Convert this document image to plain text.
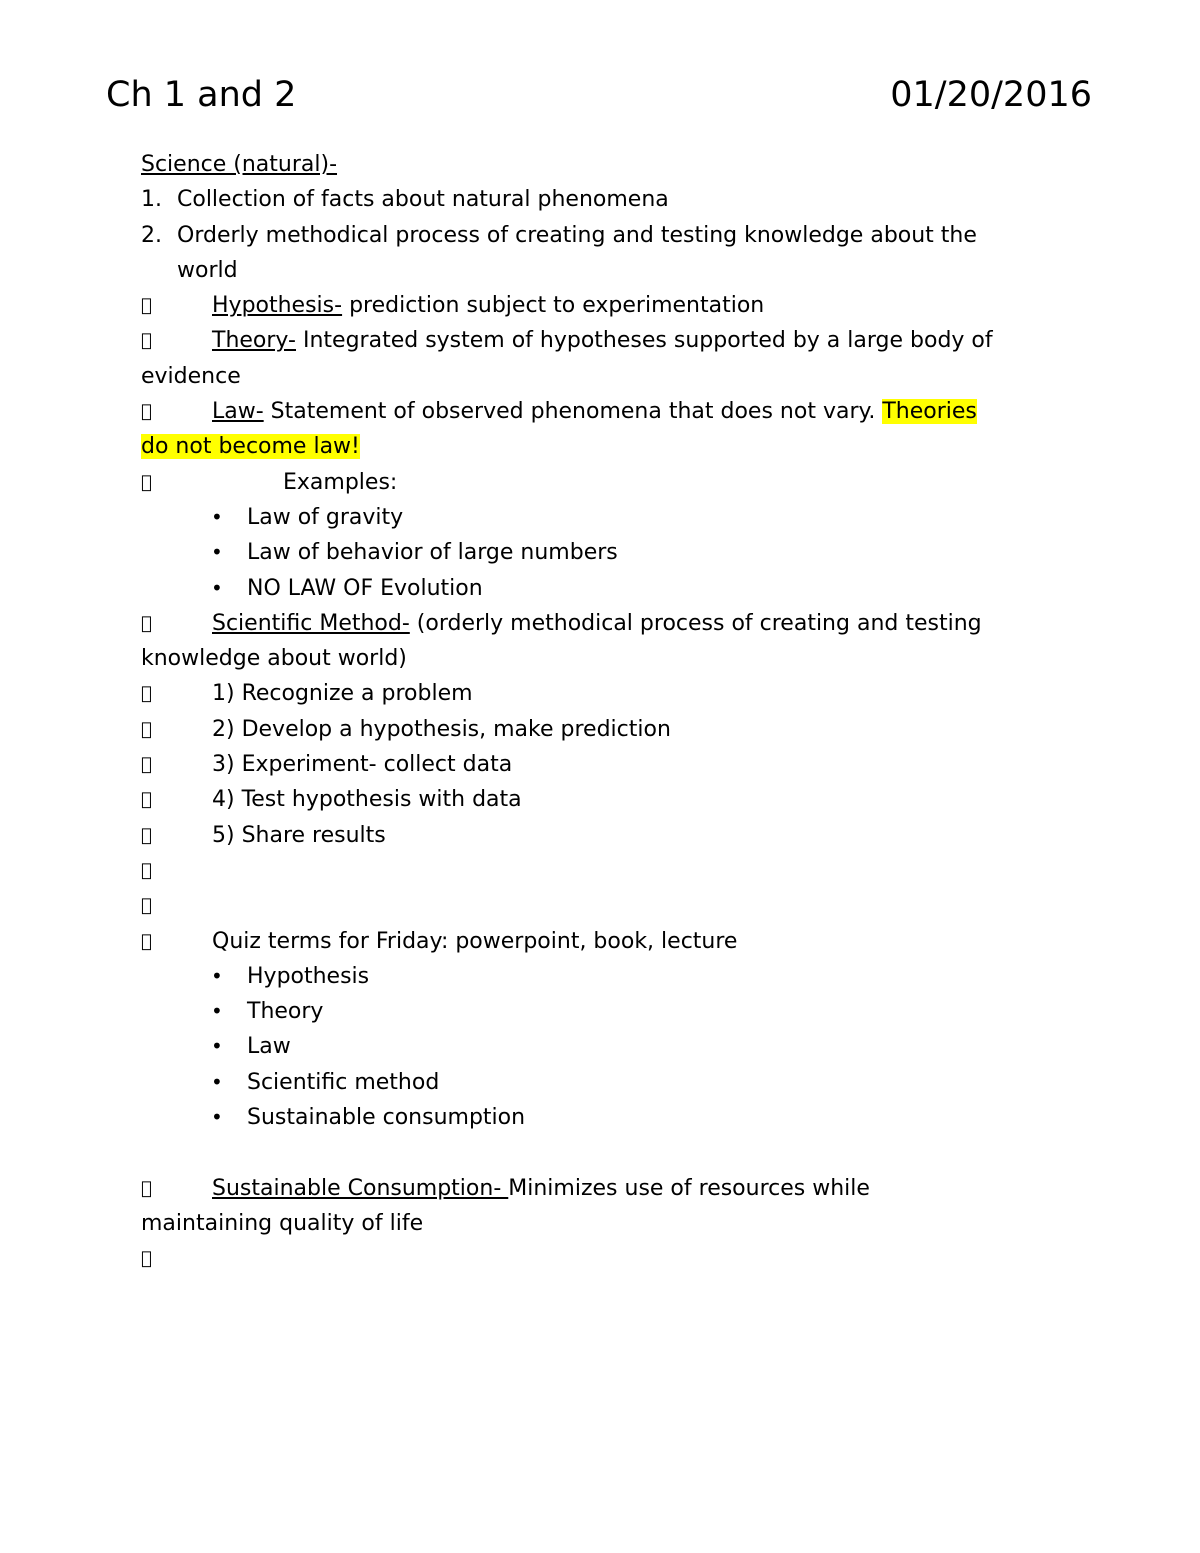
Ch 1 and 2	01/20/2016
Science (natural)-
1. Collection of facts about natural phenomena
2. Orderly methodical process of creating and testing knowledge about the
world
Hypothesis- prediction subject to experimentation
Theory- Integrated system of hypotheses supported by a large body of
evidence
Law- Statement of observed phenomena that does not vary. Theories
do not become law!
Examples:
•	Law of gravity
•	Law of behavior of large numbers
•	NO LAW OF Evolution
Scientific Method- (orderly methodical process of creating and testing
knowledge about world)
1) Recognize a problem
2) Develop a hypothesis, make prediction
3) Experiment- collect data
4) Test hypothesis with data
5) Share results
Quiz terms for Friday: powerpoint, book, lecture
•	Hypothesis
•	Theory
•	Law
•	Scientific method
•	Sustainable consumption
Sustainable Consumption- Minimizes use of resources while
maintaining quality of life
